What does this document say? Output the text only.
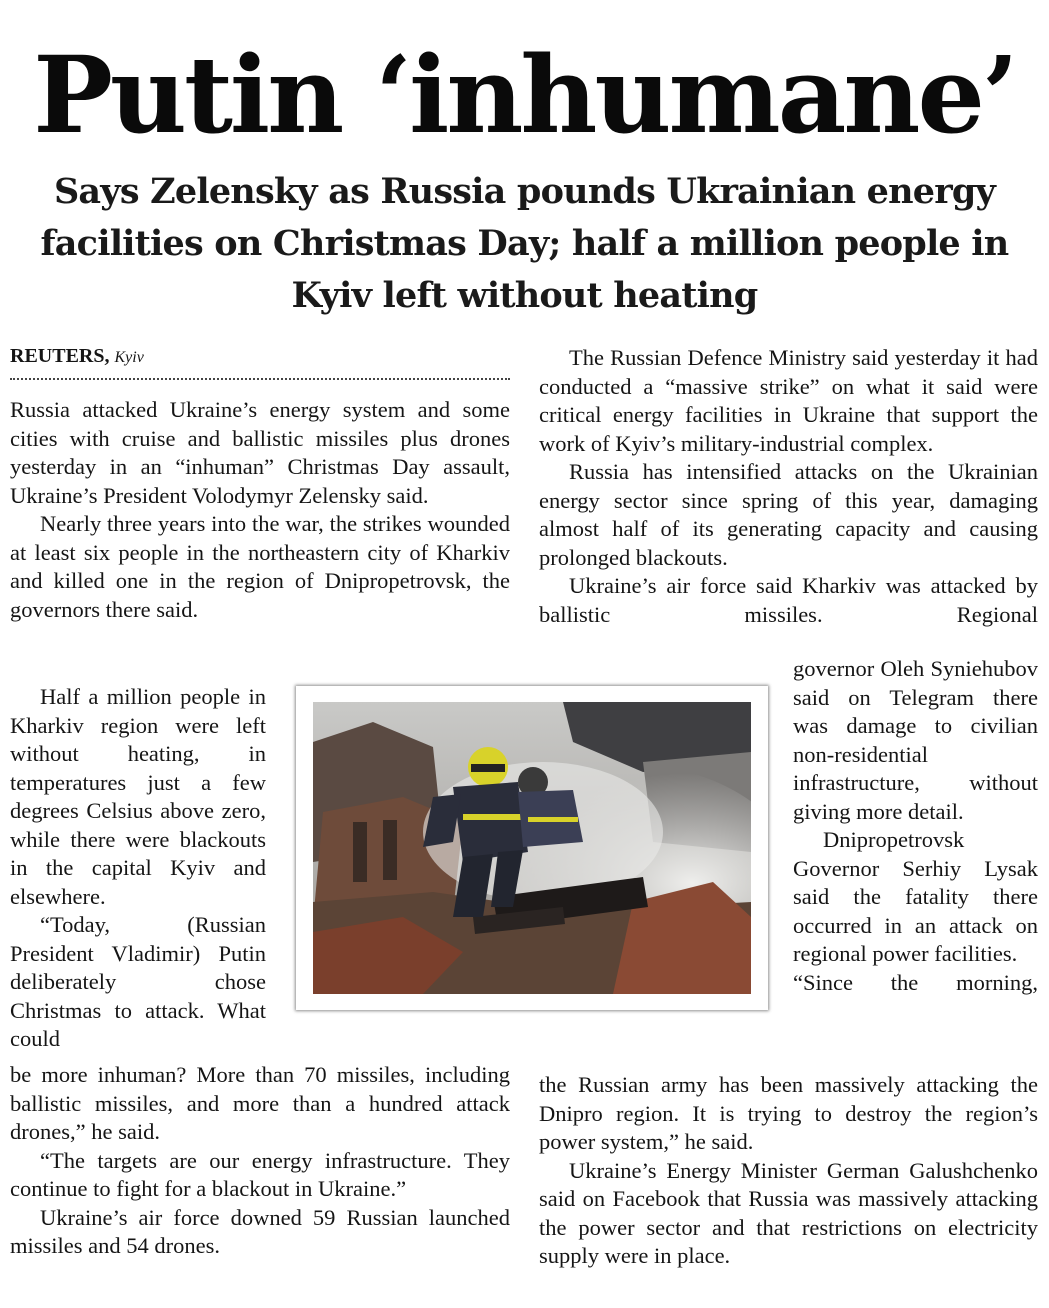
Putin ‘inhumane’
Says Zelensky as Russia pounds Ukrainian energy facilities on Christmas Day; half a million people in Kyiv left without heating
REUTERS, Kyiv

Russia attacked Ukraine’s energy system and some cities with cruise and ballistic missiles plus drones yesterday in an “inhuman” Christmas Day assault, Ukraine’s President Volodymyr Zelensky said.

Nearly three years into the war, the strikes wounded at least six people in the northeastern city of Kharkiv and killed one in the region of Dnipropetrovsk, the governors there said.

Half a million people in Kharkiv region were left without heating, in temperatures just a few degrees Celsius above zero, while there were blackouts in the capital Kyiv and elsewhere.

“Today, (Russian President Vladimir) Putin deliberately chose Christmas to attack. What could

be more inhuman? More than 70 missiles, including ballistic missiles, and more than a hundred attack drones,” he said.

“The targets are our energy infrastructure. They continue to fight for a blackout in Ukraine.”

Ukraine’s air force downed 59 Russian launched missiles and 54 drones.

The Russian Defence Ministry said yesterday it had conducted a “massive strike” on what it said were critical energy facilities in Ukraine that support the work of Kyiv’s military-industrial complex.

Russia has intensified attacks on the Ukrainian energy sector since spring of this year, damaging almost half of its generating capacity and causing prolonged blackouts.

Ukraine’s air force said Kharkiv was attacked by ballistic missiles. Regional

governor Oleh Syniehubov said on Telegram there was damage to civilian non-residential infrastructure, without giving more detail.

Dnipropetrovsk Governor Serhiy Lysak said the fatality there occurred in an attack on regional power facilities.

“Since the morning,

the Russian army has been massively attacking the Dnipro region. It is trying to destroy the region’s power system,” he said.

Ukraine’s Energy Minister German Galushchenko said on Facebook that Russia was massively attacking the power sector and that restrictions on electricity supply were in place.
